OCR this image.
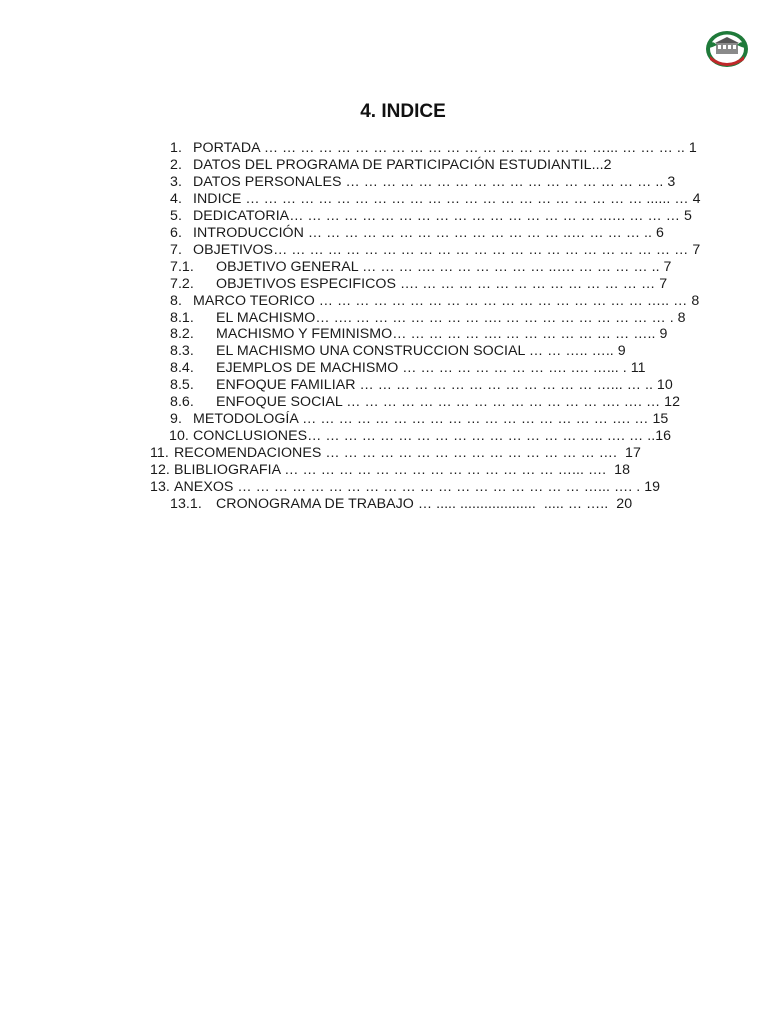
4. INDICE
1. PORTADA … … … … … … … … … … … … … … … … … … …... … … … .. 1
2. DATOS DEL PROGRAMA DE PARTICIPACIÓN ESTUDIANTIL...2
3. DATOS PERSONALES … … … … … … … … … … … … … … … … … .. 3
4. INDICE … … … … … … … … … … … … … … … … … … … … … … ...... … 4
5. DEDICATORIA… … … … … … … … … … … … … … … … … ..…. … … … 5
6. INTRODUCCIÓN … … … … … … … … … … … … … … ..… … … … .. 6
7. OBJETIVOS… … … … … … … … … … … … … … … … … … … … … … … 7
7.1. OBJETIVO GENERAL … … … …. … … … … … … ..…. … … … … .. 7
7.2. OBJETIVOS ESPECIFICOS …. … … … … … … … … … … … … … 7
8. MARCO TEORICO … … … … … … … … … … … … … … … … … … ….. … 8
8.1. EL MACHISMO… …. … … … … … … … …. … … … … … … … … … . 8
8.2. MACHISMO Y FEMINISMO… … … … … …. … … … … … … … ….. 9
8.3. EL MACHISMO UNA CONSTRUCCION SOCIAL … … ….. ….. 9
8.4. EJEMPLOS DE MACHISMO … … … … … … … … …. …. …... . 11
8.5. ENFOQUE FAMILIAR … … … … … … … … … … … … … …... … .. 10
8.6. ENFOQUE SOCIAL … … … … … … … … … … … … … … …. …. … 12
9. METODOLOGÍA … … … … … … … … … … … … … … … … … …. … 15
10. CONCLUSIONES… … … … … … … … … … … … … … … ….. …. … ..16
11. RECOMENDACIONES … … … … … … … … … … … … … … … ….  17
12. BLIBLIOGRAFIA … … … … … … … … … … … … … … … …... ….  18
13. ANEXOS … … … … … … … … … … … … … … … … … … … …... …. . 19
13.1. CRONOGRAMA DE TRABAJO … ..... ...................  ..... … …..  20
